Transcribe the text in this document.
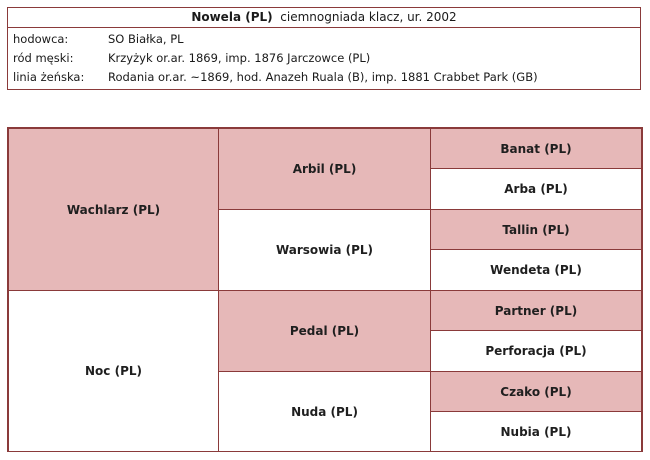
Nowela (PL) ciemnogniada klacz, ur. 2002
hodowca:	SO Białka, PL
ród męski:	Krzyżyk or.ar. 1869, imp. 1876 Jarczowce (PL)
linia żeńska: Rodania or.ar. ~1869, hod. Anazeh Ruala (B), imp. 1881 Crabbet Park (GB)
Wachlarz (PL)
Noc (PL)
Arbil (PL)
Warsowia (PL)
Pedal (PL)
Nuda (PL)
Banat (PL)
Arba (PL)
Tallin (PL)
Wendeta (PL)
Partner (PL)
Perforacja (PL)
Czako (PL)
Nubia (PL)
